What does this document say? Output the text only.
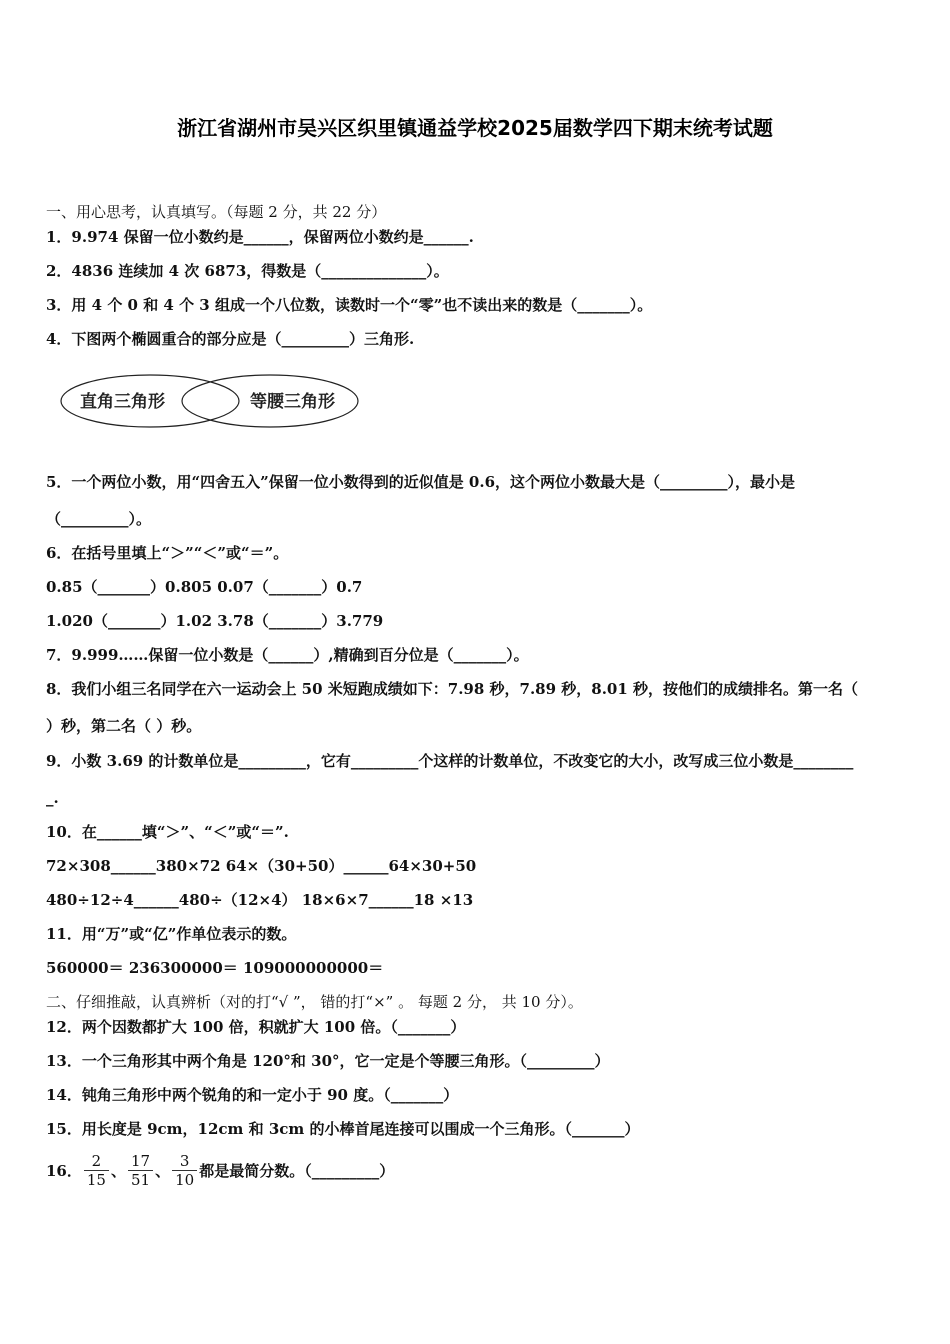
浙江省湖州市吴兴区织里镇通益学校2025届数学四下期末统考试题
一、用心思考，认真填写。（每题 2 分，共 22 分）
1．9.974 保留一位小数约是______，保留两位小数约是______.
2．4836 连续加 4 次 6873，得数是（______________）。
3．用 4 个 0 和 4 个 3 组成一个八位数，读数时一个“零”也不读出来的数是（_______）。
4．下图两个椭圆重合的部分应是（_________）三角形.
直角三角形	等腰三角形
5．一个两位小数，用“四舍五入”保留一位小数得到的近似值是 0.6，这个两位小数最大是（_________），最小是
（_________）。
6．在括号里填上“＞”“＜”或“＝”。
0.85（_______）0.805 0.07（_______）0.7
1.020（_______）1.02 3.78（_______）3.779
7．9.999……保留一位小数是（______）,精确到百分位是（_______）。
8．我们小组三名同学在六一运动会上 50 米短跑成绩如下：7.98 秒，7.89 秒，8.01 秒，按他们的成绩排名。第一名（
）秒，第二名（ ）秒。
9．小数 3.69 的计数单位是_________，它有_________个这样的计数单位，不改变它的大小，改写成三位小数是________
_.
10．在______填“＞”、“＜”或“＝”.
72×308______380×72 64×（30+50）______64×30+50
480÷12÷4______480÷（12×4） 18×6×7______18 ×13
11．用“万”或“亿”作单位表示的数。
560000＝ 236300000＝ 109000000000＝
二、仔细推敲，认真辨析（对的打“√ ”， 错的打“×” 。 每题 2 分， 共 10 分）。
12．两个因数都扩大 100 倍，积就扩大 100 倍。（_______）
13．一个三角形其中两个角是 120°和 30°，它一定是个等腰三角形。（_________）
14．钝角三角形中两个锐角的和一定小于 90 度。（_______）
15．用长度是 9cm，12cm 和 3cm 的小棒首尾连接可以围成一个三角形。（_______）
16． $\frac{2}{15}$ 、 $\frac{17}{51}$ 、 $\frac{3}{10}$ 都是最简分数。（_________）
